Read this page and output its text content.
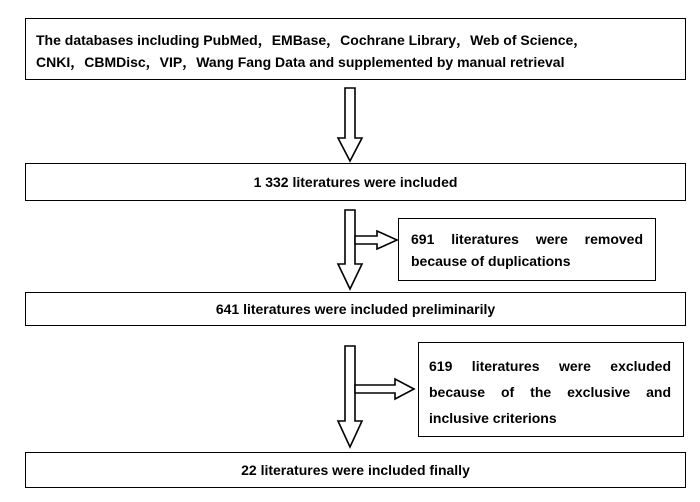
The databases including PubMed，EMBase，Cochrane Library，Web of Science，
CNKI，CBMDisc，VIP，Wang Fang Data and supplemented by manual retrieval
1 332 literatures were included
691 literatures were removed
because of duplications
641 literatures were included preliminarily
619 literatures were excluded
because of the exclusive and
inclusive criterions
22 literatures were included finally
